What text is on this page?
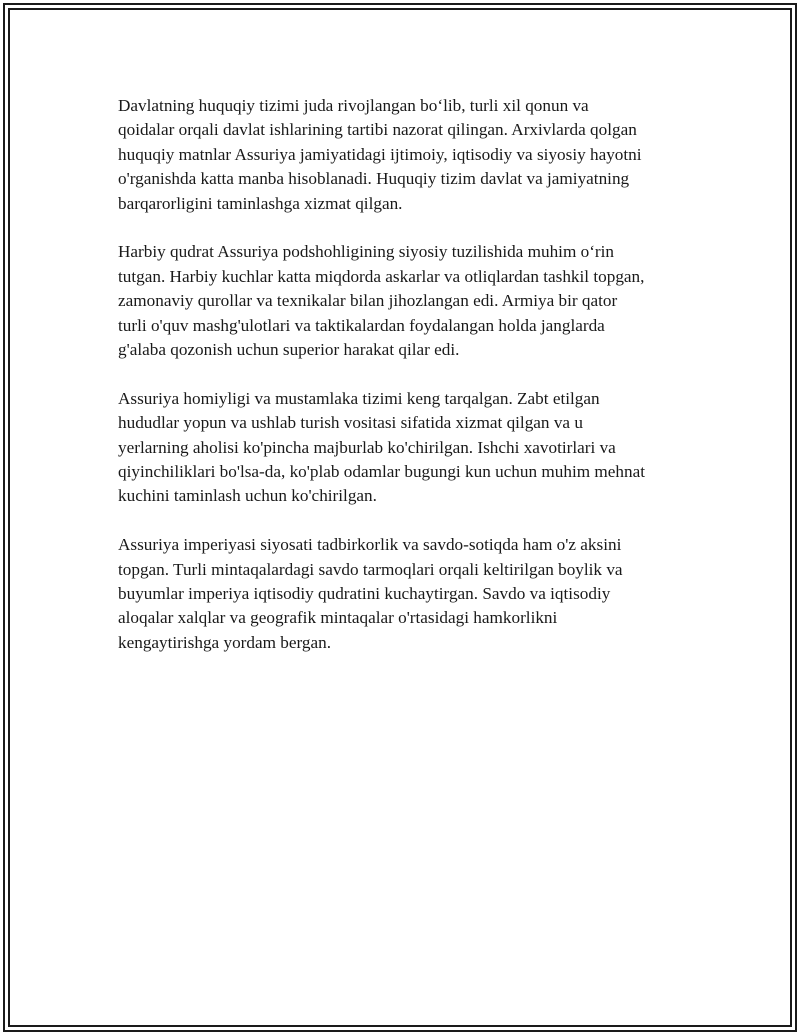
Davlatning huquqiy tizimi juda rivojlangan bo‘lib, turli xil qonun va
qoidalar orqali davlat ishlarining tartibi nazorat qilingan. Arxivlarda qolgan
huquqiy matnlar Assuriya jamiyatidagi ijtimoiy, iqtisodiy va siyosiy hayotni
o'rganishda katta manba hisoblanadi. Huquqiy tizim davlat va jamiyatning
barqarorligini taminlashga xizmat qilgan.

Harbiy qudrat Assuriya podshohligining siyosiy tuzilishida muhim o‘rin
tutgan. Harbiy kuchlar katta miqdorda askarlar va otliqlardan tashkil topgan,
zamonaviy qurollar va texnikalar bilan jihozlangan edi. Armiya bir qator
turli o'quv mashg'ulotlari va taktikalardan foydalangan holda janglarda
g'alaba qozonish uchun superior harakat qilar edi.

Assuriya homiyligi va mustamlaka tizimi keng tarqalgan. Zabt etilgan
hududlar yopun va ushlab turish vositasi sifatida xizmat qilgan va u
yerlarning aholisi ko'pincha majburlab ko'chirilgan. Ishchi xavotirlari va
qiyinchiliklari bo'lsa-da, ko'plab odamlar bugungi kun uchun muhim mehnat
kuchini taminlash uchun ko'chirilgan.

Assuriya imperiyasi siyosati tadbirkorlik va savdo-sotiqda ham o'z aksini
topgan. Turli mintaqalardagi savdo tarmoqlari orqali keltirilgan boylik va
buyumlar imperiya iqtisodiy qudratini kuchaytirgan. Savdo va iqtisodiy
aloqalar xalqlar va geografik mintaqalar o'rtasidagi hamkorlikni
kengaytirishga yordam bergan.
